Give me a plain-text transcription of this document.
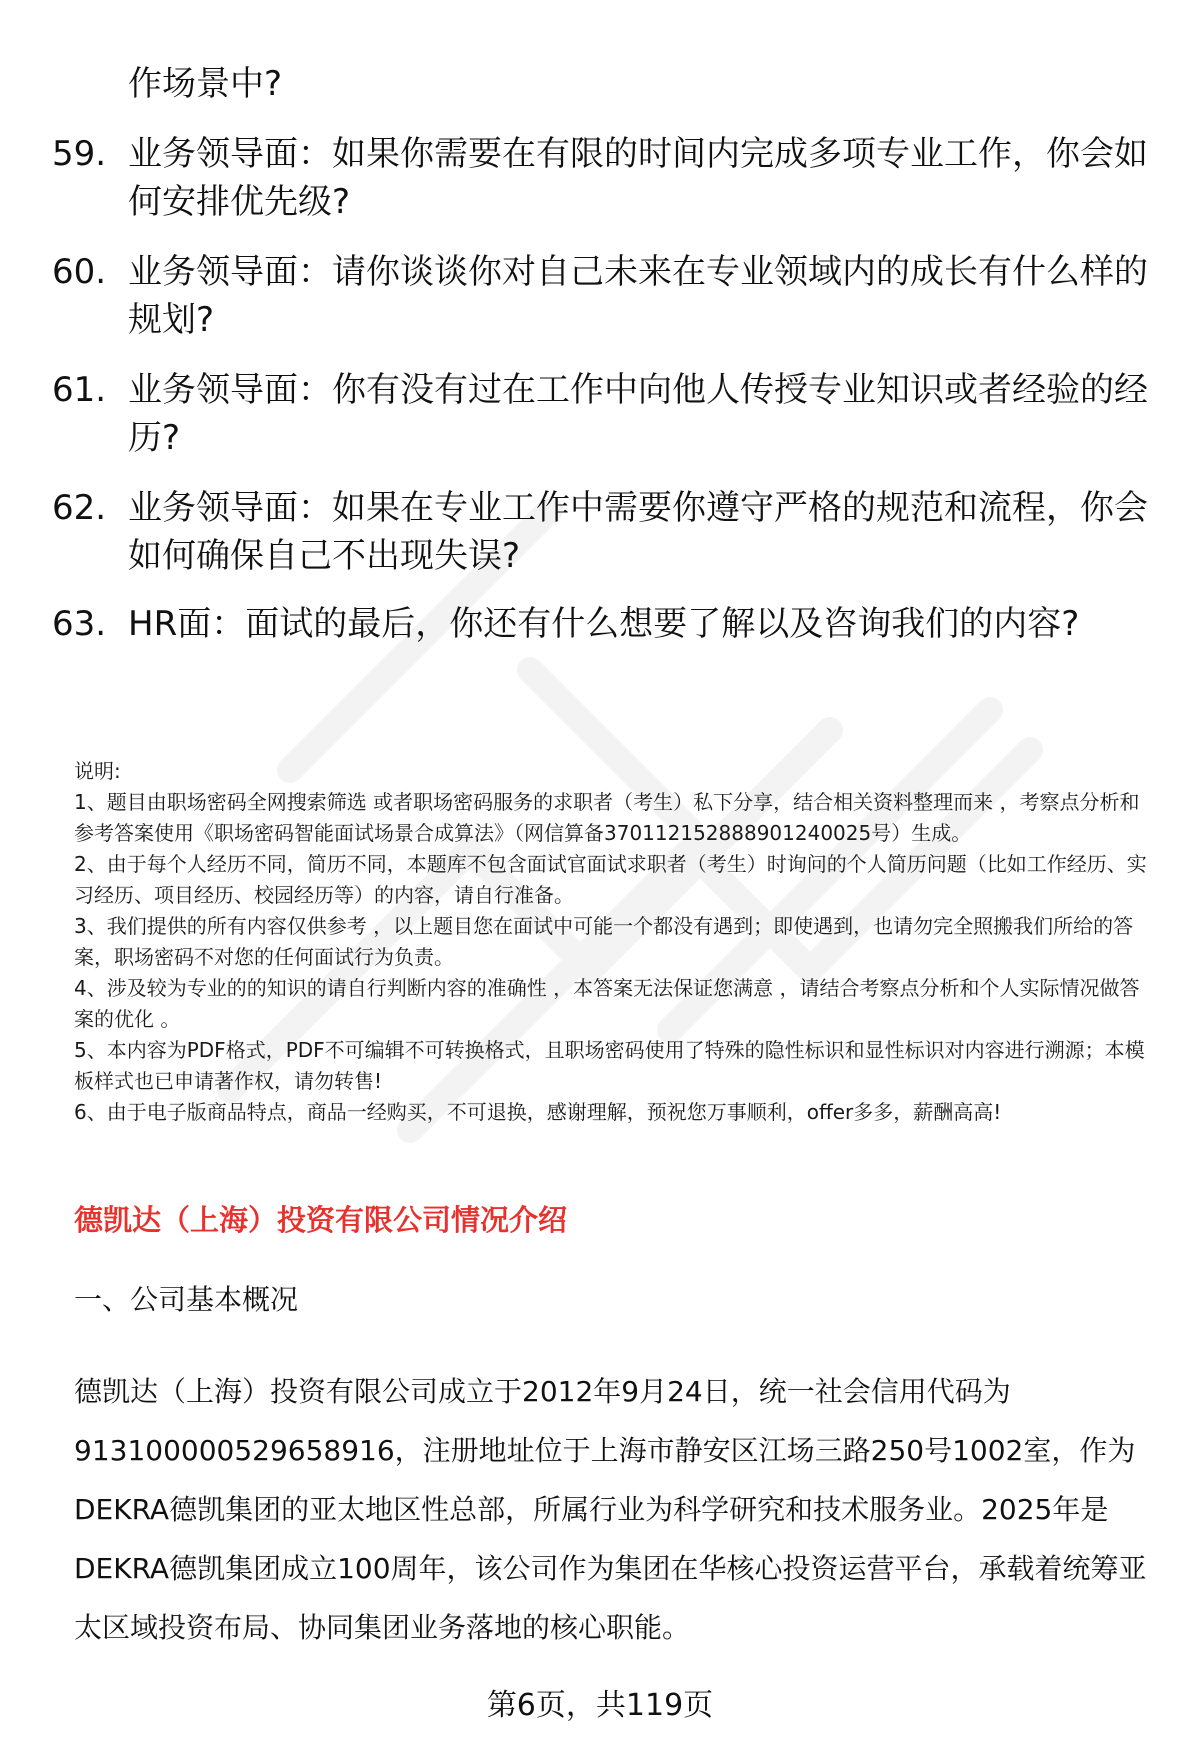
作场景中?
59. 业务领导面：如果你需要在有限的时间内完成多项专业工作，你会如何安排优先级?
60. 业务领导面：请你谈谈你对自己未来在专业领域内的成长有什么样的规划?
61. 业务领导面：你有没有过在工作中向他人传授专业知识或者经验的经历?
62. 业务领导面：如果在专业工作中需要你遵守严格的规范和流程，你会如何确保自己不出现失误?
63. HR面：面试的最后，你还有什么想要了解以及咨询我们的内容?

说明:

1、题目由职场密码全网搜索筛选 或者职场密码服务的求职者（考生）私下分享，结合相关资料整理而来 ，考察点分析和参考答案使用《职场密码智能面试场景合成算法》（网信算备370112152888901240025号）生成。

2、由于每个人经历不同，简历不同，本题库不包含面试官面试求职者（考生）时询问的个人简历问题（比如工作经历、实习经历、项目经历、校园经历等）的内容，请自行准备。

3、我们提供的所有内容仅供参考 ，以上题目您在面试中可能一个都没有遇到；即使遇到，也请勿完全照搬我们所给的答案，职场密码不对您的任何面试行为负责。

4、涉及较为专业的的知识的请自行判断内容的准确性 ，本答案无法保证您满意 ，请结合考察点分析和个人实际情况做答案的优化 。

5、本内容为PDF格式，PDF不可编辑不可转换格式，且职场密码使用了特殊的隐性标识和显性标识对内容进行溯源；本模板样式也已申请著作权，请勿转售!

6、由于电子版商品特点，商品一经购买，不可退换，感谢理解，预祝您万事顺利，offer多多，薪酬高高!

德凯达（上海）投资有限公司情况介绍
一、公司基本概况
德凯达（上海）投资有限公司成立于2012年9月24日，统一社会信用代码为913100000529658916，注册地址位于上海市静安区江场三路250号1002室，作为DEKRA德凯集团的亚太地区性总部，所属行业为科学研究和技术服务业。2025年是DEKRA德凯集团成立100周年，该公司作为集团在华核心投资运营平台，承载着统筹亚太区域投资布局、协同集团业务落地的核心职能。
第6页，共119页
